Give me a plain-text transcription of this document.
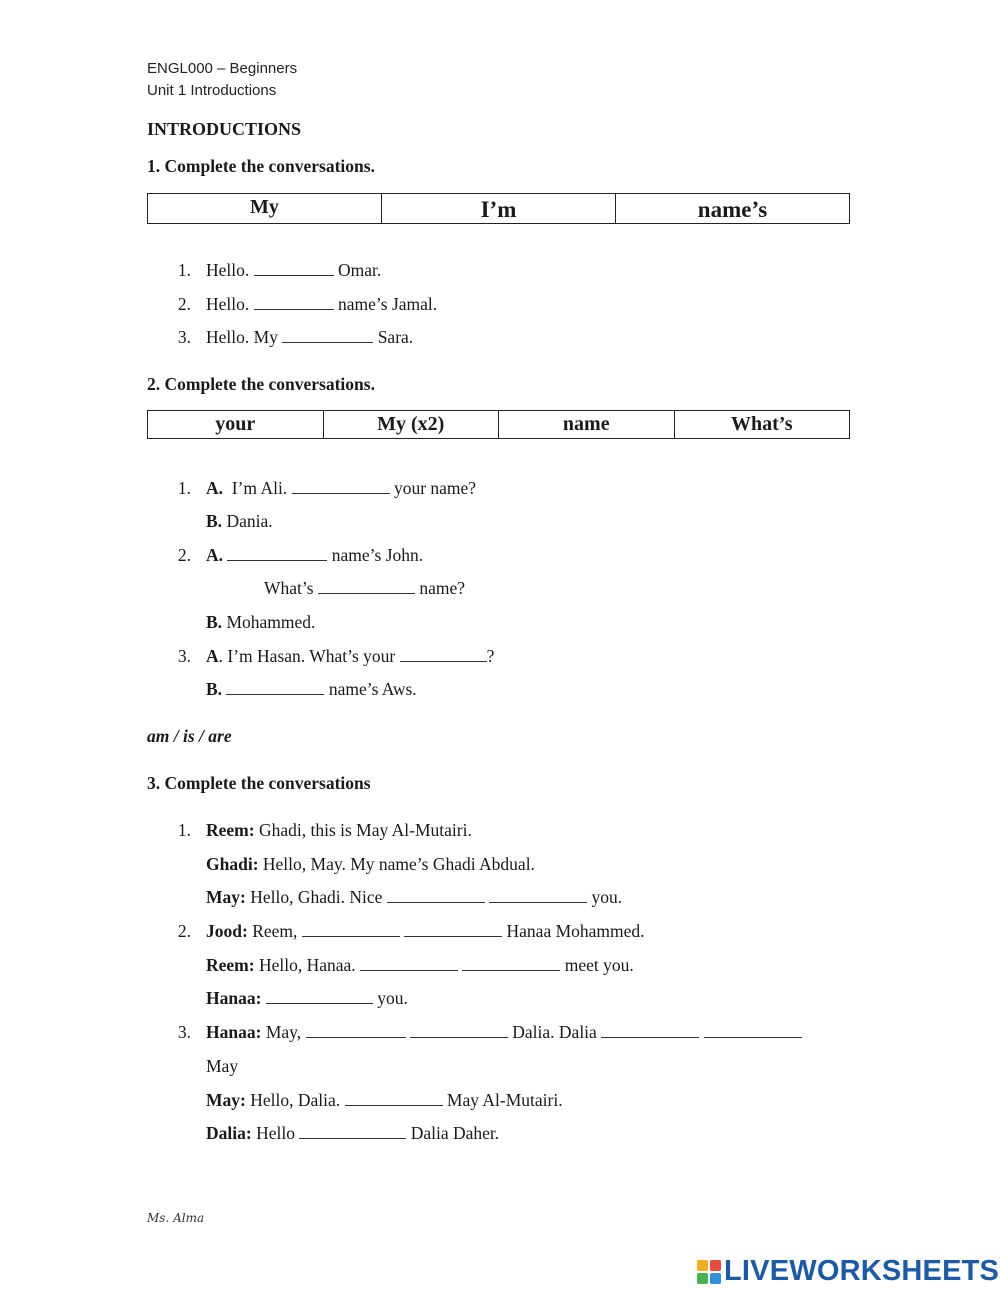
ENGL000 – Beginners
Unit 1 Introductions
INTRODUCTIONS
1. Complete the conversations.
My	I’m	name’s
1. Hello.	Omar.
2. Hello.	name’s Jamal.
3. Hello. My	Sara.
2. Complete the conversations.
your	My (x2)	name	What’s
1. A.  I’m Ali.	your name?
B. Dania.
2. A.	name’s John.
What’s	name?
B. Mohammed.
3. A. I’m Hasan. What’s your	?
B.	name’s Aws.
am / is / are
3. Complete the conversations
1. Reem: Ghadi, this is May Al-Mutairi.
Ghadi: Hello, May. My name’s Ghadi Abdual.
May: Hello, Ghadi. Nice	you.
2. Jood: Reem,	Hanaa Mohammed.
Reem: Hello, Hanaa.	meet you.
Hanaa:	you.
3. Hanaa: May,	Dalia. Dalia
May
May: Hello, Dalia.	May Al-Mutairi.
Dalia: Hello	Dalia Daher.
Ms. Alma
LIVEWORKSHEETS
